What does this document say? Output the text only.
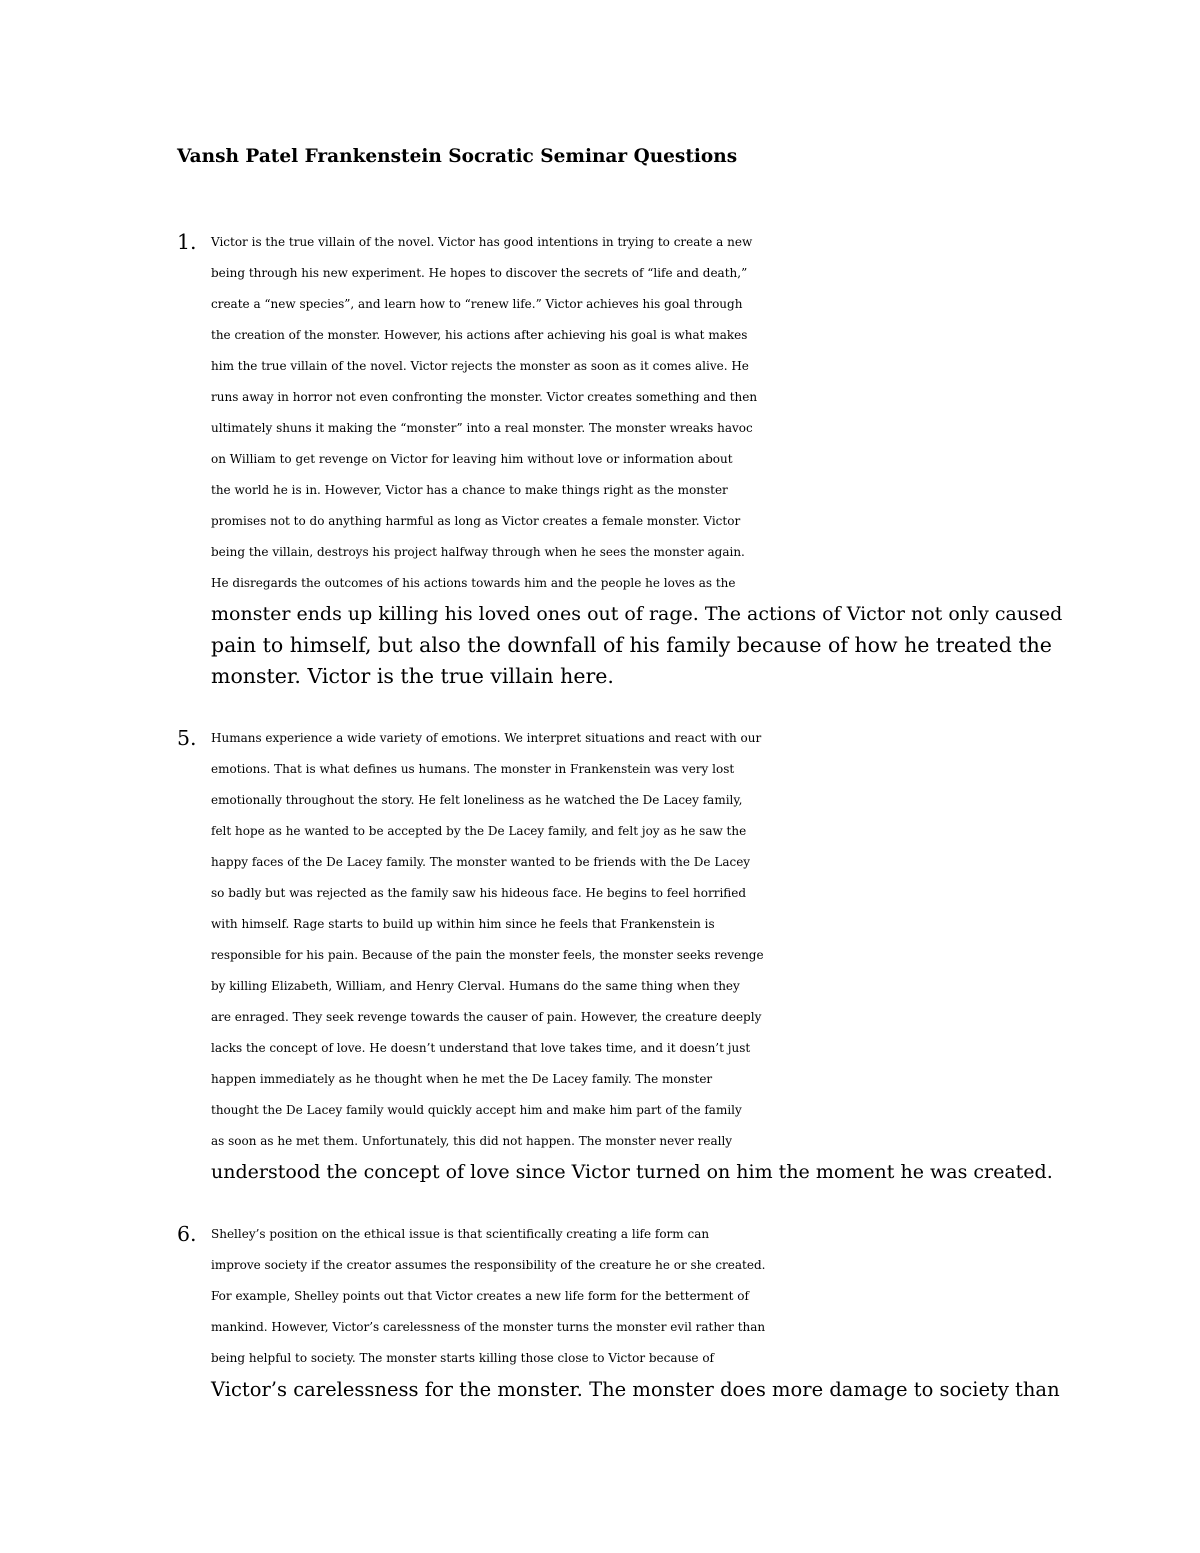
Vansh Patel Frankenstein Socratic Seminar Questions
1. Victor is the true villain of the novel. Victor has good intentions in trying to create a new
being through his new experiment. He hopes to discover the secrets of “life and death,”
create a “new species”, and learn how to “renew life.” Victor achieves his goal through
the creation of the monster. However, his actions after achieving his goal is what makes
him the true villain of the novel. Victor rejects the monster as soon as it comes alive. He
runs away in horror not even confronting the monster. Victor creates something and then
ultimately shuns it making the “monster” into a real monster. The monster wreaks havoc
on William to get revenge on Victor for leaving him without love or information about
the world he is in. However, Victor has a chance to make things right as the monster
promises not to do anything harmful as long as Victor creates a female monster. Victor
being the villain, destroys his project halfway through when he sees the monster again.
He disregards the outcomes of his actions towards him and the people he loves as the
monster ends up killing his loved ones out of rage. The actions of Victor not only caused
pain to himself, but also the downfall of his family because of how he treated the
monster. Victor is the true villain here.
5. Humans experience a wide variety of emotions. We interpret situations and react with our
emotions. That is what defines us humans. The monster in Frankenstein was very lost
emotionally throughout the story. He felt loneliness as he watched the De Lacey family,
felt hope as he wanted to be accepted by the De Lacey family, and felt joy as he saw the
happy faces of the De Lacey family. The monster wanted to be friends with the De Lacey
so badly but was rejected as the family saw his hideous face. He begins to feel horrified
with himself. Rage starts to build up within him since he feels that Frankenstein is
responsible for his pain. Because of the pain the monster feels, the monster seeks revenge
by killing Elizabeth, William, and Henry Clerval. Humans do the same thing when they
are enraged. They seek revenge towards the causer of pain. However, the creature deeply
lacks the concept of love. He doesn’t understand that love takes time, and it doesn’t just
happen immediately as he thought when he met the De Lacey family. The monster
thought the De Lacey family would quickly accept him and make him part of the family
as soon as he met them. Unfortunately, this did not happen. The monster never really
understood the concept of love since Victor turned on him the moment he was created.
6. Shelley’s position on the ethical issue is that scientifically creating a life form can
improve society if the creator assumes the responsibility of the creature he or she created.
For example, Shelley points out that Victor creates a new life form for the betterment of
mankind. However, Victor’s carelessness of the monster turns the monster evil rather than
being helpful to society. The monster starts killing those close to Victor because of
Victor’s carelessness for the monster. The monster does more damage to society than
